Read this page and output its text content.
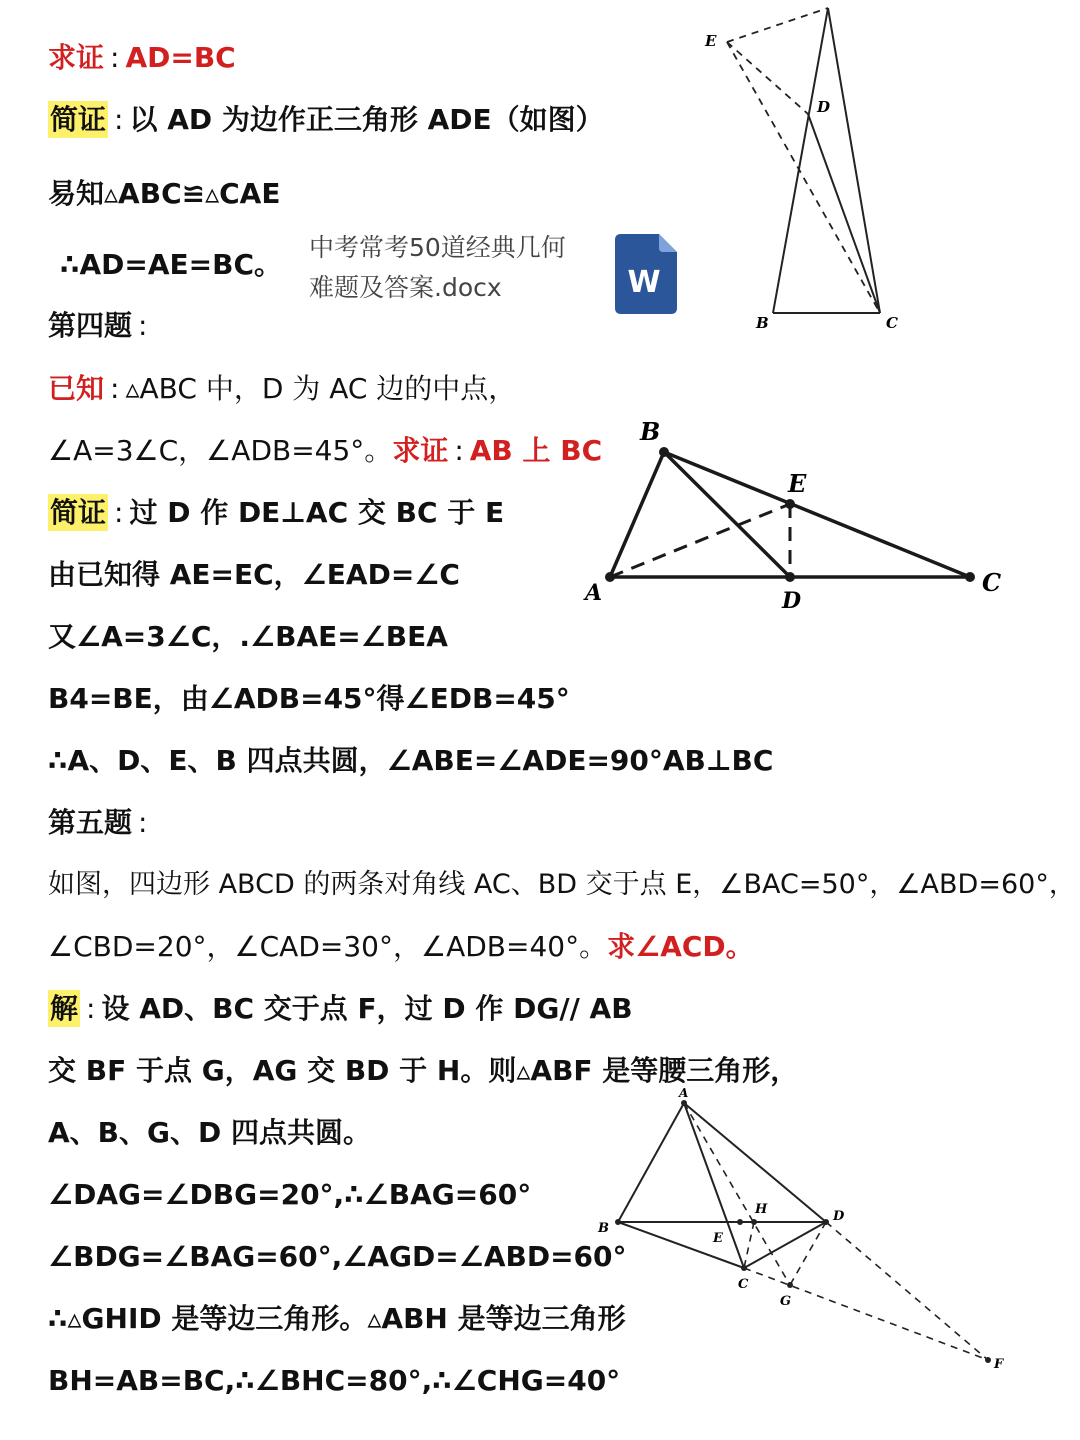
求证 : AD=BC
简证 : 以 AD 为边作正三角形 ADE（如图）
易知▵ABC≌▵CAE
∴AD=AE=BC。
中考常考50道经典几何难题及答案.docx	W
E
D
B	C
第四题 :
已知 : ▵ABC 中，D 为 AC 边的中点，
∠A=3∠C，∠ADB=45°。求证 : AB 上 BC
简证 : 过 D 作 DE⊥AC 交 BC 于 E
由已知得 AE=EC，∠EAD=∠C
又∠A=3∠C，.∠BAE=∠BEA
B4=BE，由∠ADB=45°得∠EDB=45°
∴A、D、E、B 四点共圆，∠ABE=∠ADE=90°AB⊥BC
A
B
C
D
E
第五题 :
如图，四边形 ABCD 的两条对角线 AC、BD 交于点 E，∠BAC=50°，∠ABD=60°，
∠CBD=20°，∠CAD=30°，∠ADB=40°。求∠ACD。
解 : 设 AD、BC 交于点 F，过 D 作 DG// AB
交 BF 于点 G，AG 交 BD 于 H。则▵ABF 是等腰三角形，
A、B、G、D 四点共圆。
∠DAG=∠DBG=20°,∴∠BAG=60°
∠BDG=∠BAG=60°,∠AGD=∠ABD=60°
∴▵GHID 是等边三角形。▵ABH 是等边三角形
BH=AB=BC,∴∠BHC=80°,∴∠CHG=40°
A
B
C
D
E
F
G
H
